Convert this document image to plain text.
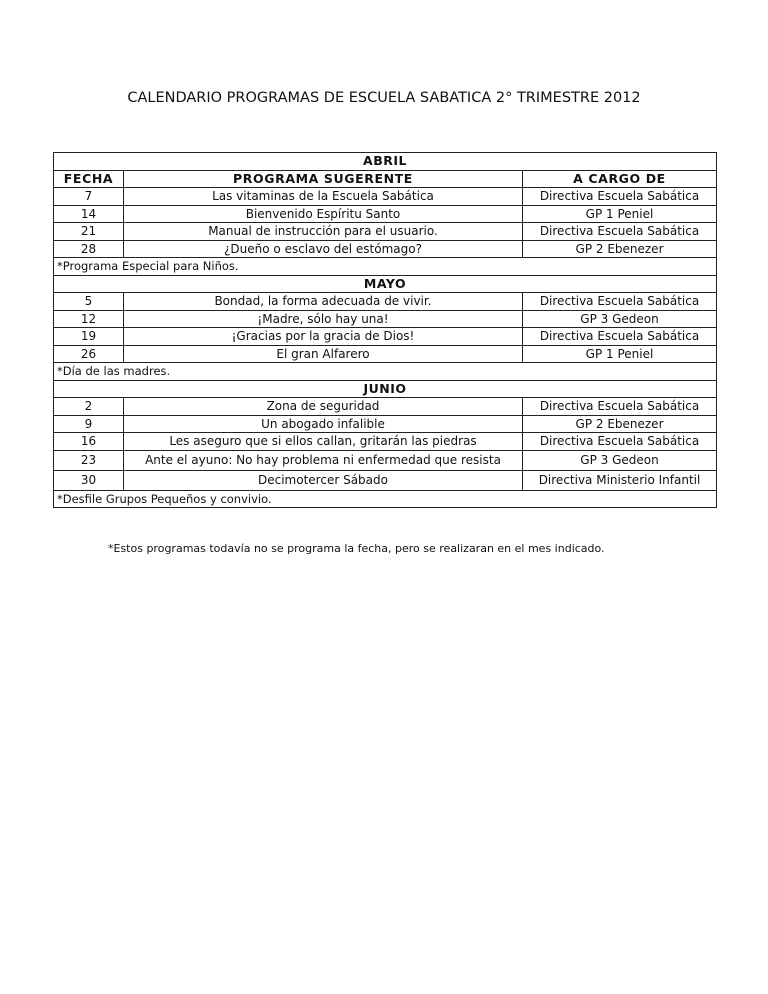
CALENDARIO PROGRAMAS DE ESCUELA SABATICA 2° TRIMESTRE 2012
ABRIL		
FECHA	PROGRAMA SUGERENTE	A CARGO DE
7	Las vitaminas de la Escuela Sabática	Directiva Escuela Sabática
14	Bienvenido Espíritu Santo	GP 1 Peniel
21	Manual de instrucción para el usuario.	Directiva Escuela Sabática
28	¿Dueño o esclavo del estómago?	GP 2 Ebenezer
*Programa Especial para Niños.		
MAYO		
5	Bondad, la forma adecuada de vivir.	Directiva Escuela Sabática
12	¡Madre, sólo hay una!	GP 3 Gedeon
19	¡Gracias por la gracia de Dios!	Directiva Escuela Sabática
26	El gran Alfarero	GP 1 Peniel
*Día de las madres.		
JUNIO		
2	Zona de seguridad	Directiva Escuela Sabática
9	Un abogado infalible	GP 2 Ebenezer
16	Les aseguro que si ellos callan, gritarán las piedras	Directiva Escuela Sabática
23	Ante el ayuno: No hay problema ni enfermedad que resista	GP 3 Gedeon
30	Decimotercer Sábado	Directiva Ministerio Infantil
*Desfile Grupos Pequeños y convivio.		
*Estos programas todavía no se programa la fecha, pero se realizaran en el mes indicado.
